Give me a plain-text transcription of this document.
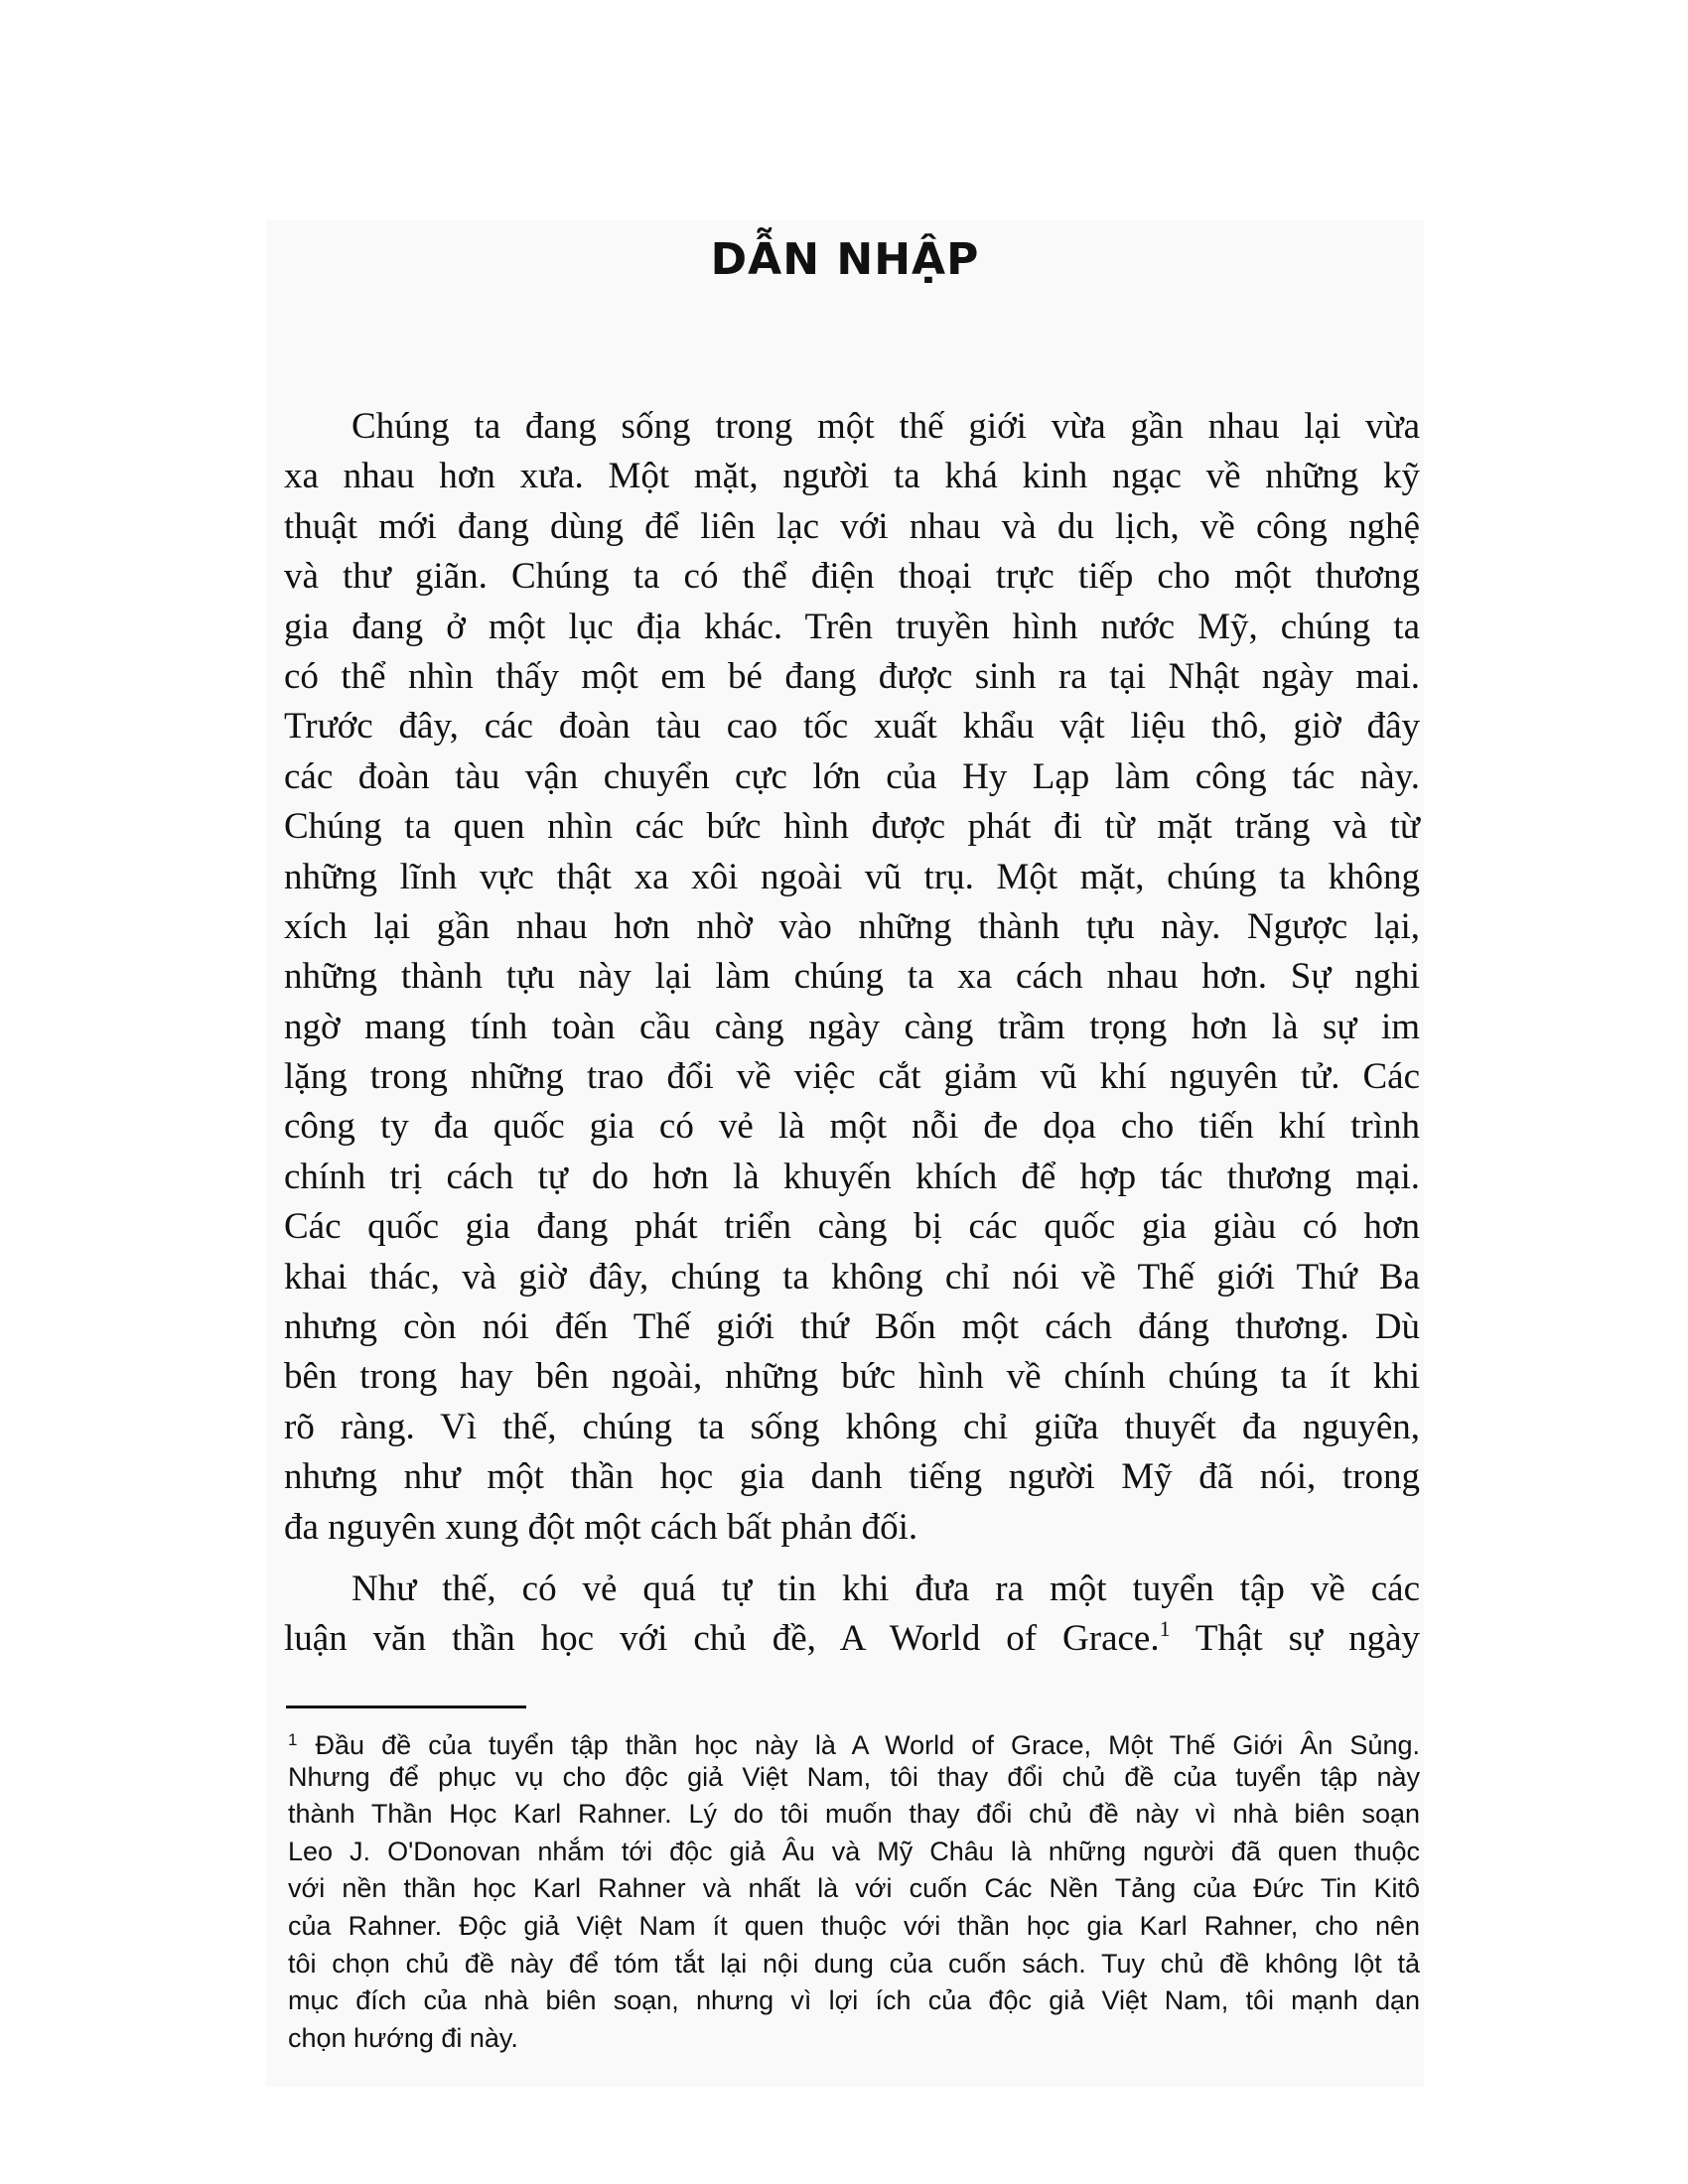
DẪN NHẬP
Chúng ta đang sống trong một thế giới vừa gần nhau lại vừa
xa nhau hơn xưa. Một mặt, người ta khá kinh ngạc về những kỹ
thuật mới đang dùng để liên lạc với nhau và du lịch, về công nghệ
và thư giãn. Chúng ta có thể điện thoại trực tiếp cho một thương
gia đang ở một lục địa khác. Trên truyền hình nước Mỹ, chúng ta
có thể nhìn thấy một em bé đang được sinh ra tại Nhật ngày mai.
Trước đây, các đoàn tàu cao tốc xuất khẩu vật liệu thô, giờ đây
các đoàn tàu vận chuyển cực lớn của Hy Lạp làm công tác này.
Chúng ta quen nhìn các bức hình được phát đi từ mặt trăng và từ
những lĩnh vực thật xa xôi ngoài vũ trụ. Một mặt, chúng ta không
xích lại gần nhau hơn nhờ vào những thành tựu này. Ngược lại,
những thành tựu này lại làm chúng ta xa cách nhau hơn. Sự nghi
ngờ mang tính toàn cầu càng ngày càng trầm trọng hơn là sự im
lặng trong những trao đổi về việc cắt giảm vũ khí nguyên tử. Các
công ty đa quốc gia có vẻ là một nỗi đe dọa cho tiến khí trình
chính trị cách tự do hơn là khuyến khích để hợp tác thương mại.
Các quốc gia đang phát triển càng bị các quốc gia giàu có hơn
khai thác, và giờ đây, chúng ta không chỉ nói về Thế giới Thứ Ba
nhưng còn nói đến Thế giới thứ Bốn một cách đáng thương. Dù
bên trong hay bên ngoài, những bức hình về chính chúng ta ít khi
rõ ràng. Vì thế, chúng ta sống không chỉ giữa thuyết đa nguyên,
nhưng như một thần học gia danh tiếng người Mỹ đã nói, trong
đa nguyên xung đột một cách bất phản đối.
Như thế, có vẻ quá tự tin khi đưa ra một tuyển tập về các
luận văn thần học với chủ đề, A World of Grace.$^1$ Thật sự ngày
$^1$ Đầu đề của tuyển tập thần học này là A World of Grace, Một Thế Giới Ân Sủng.
Nhưng để phục vụ cho độc giả Việt Nam, tôi thay đổi chủ đề của tuyển tập này
thành Thần Học Karl Rahner. Lý do tôi muốn thay đổi chủ đề này vì nhà biên soạn
Leo J. O'Donovan nhắm tới độc giả Âu và Mỹ Châu là những người đã quen thuộc
với nền thần học Karl Rahner và nhất là với cuốn Các Nền Tảng của Đức Tin Kitô
của Rahner. Độc giả Việt Nam ít quen thuộc với thần học gia Karl Rahner, cho nên
tôi chọn chủ đề này để tóm tắt lại nội dung của cuốn sách. Tuy chủ đề không lột tả
mục đích của nhà biên soạn, nhưng vì lợi ích của độc giả Việt Nam, tôi mạnh dạn
chọn hướng đi này.
